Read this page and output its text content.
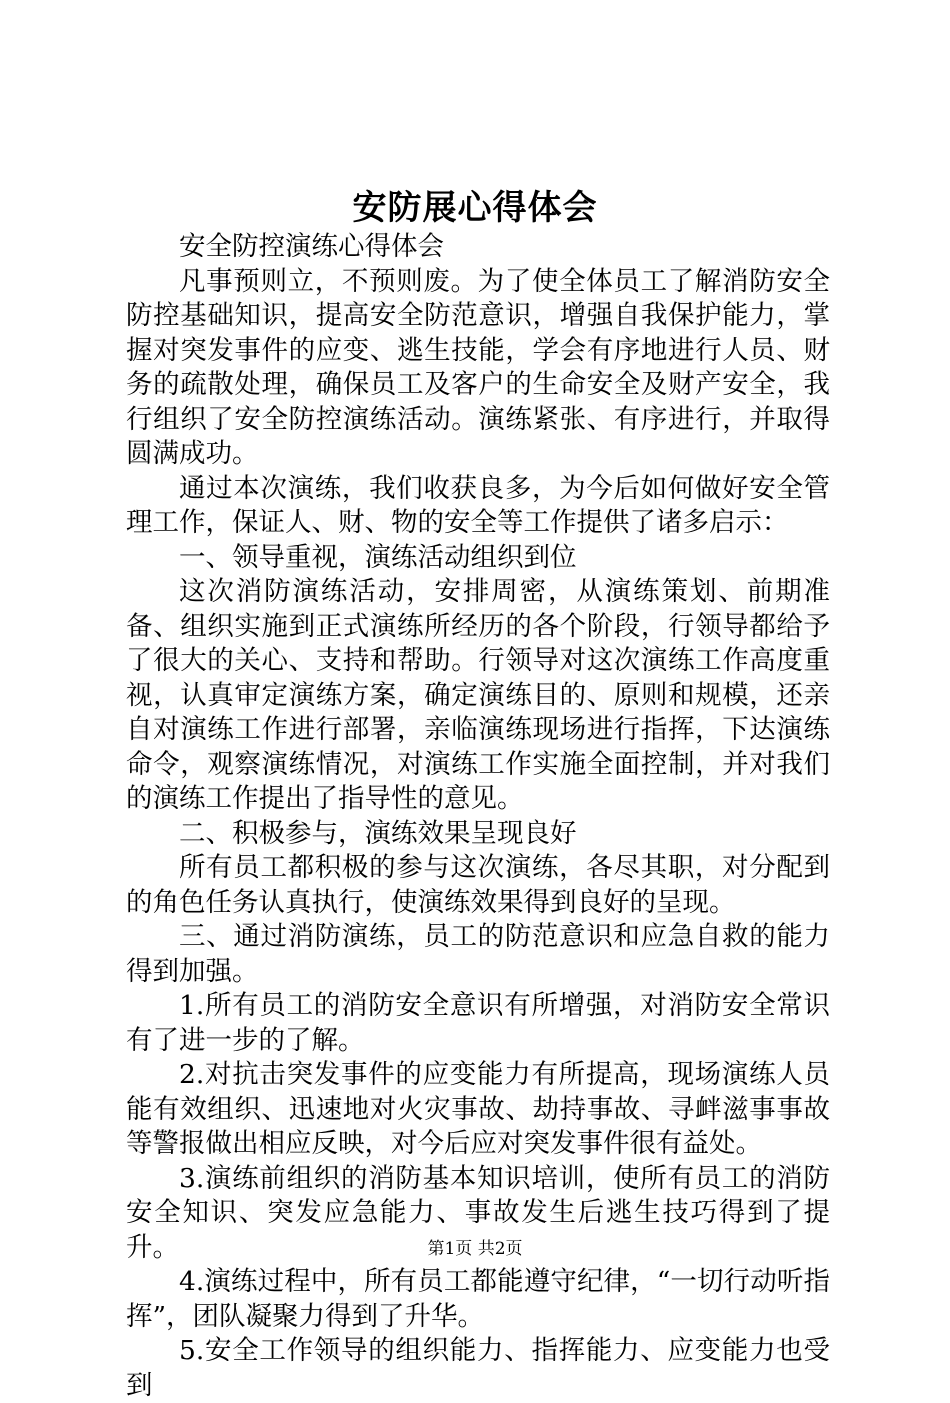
安防展心得体会

安全防控演练心得体会

凡事预则立，不预则废。为了使全体员工了解消防安全防控基础知识，提高安全防范意识，增强自我保护能力，掌握对突发事件的应变、逃生技能，学会有序地进行人员、财务的疏散处理，确保员工及客户的生命安全及财产安全，我行组织了安全防控演练活动。演练紧张、有序进行，并取得圆满成功。

通过本次演练，我们收获良多，为今后如何做好安全管理工作，保证人、财、物的安全等工作提供了诸多启示：

一、领导重视，演练活动组织到位

这次消防演练活动，安排周密，从演练策划、前期准备、组织实施到正式演练所经历的各个阶段，行领导都给予了很大的关心、支持和帮助。行领导对这次演练工作高度重视，认真审定演练方案，确定演练目的、原则和规模，还亲自对演练工作进行部署，亲临演练现场进行指挥，下达演练命令，观察演练情况，对演练工作实施全面控制，并对我们的演练工作提出了指导性的意见。

二、积极参与，演练效果呈现良好

所有员工都积极的参与这次演练，各尽其职，对分配到的角色任务认真执行，使演练效果得到良好的呈现。

三、通过消防演练，员工的防范意识和应急自救的能力得到加强。

1.所有员工的消防安全意识有所增强，对消防安全常识有了进一步的了解。

2.对抗击突发事件的应变能力有所提高，现场演练人员能有效组织、迅速地对火灾事故、劫持事故、寻衅滋事事故等警报做出相应反映，对今后应对突发事件很有益处。

3.演练前组织的消防基本知识培训，使所有员工的消防安全知识、突发应急能力、事故发生后逃生技巧得到了提升。

4.演练过程中，所有员工都能遵守纪律，“一切行动听指挥”，团队凝聚力得到了升华。

5.安全工作领导的组织能力、指挥能力、应变能力也受到

第1页 共2页
